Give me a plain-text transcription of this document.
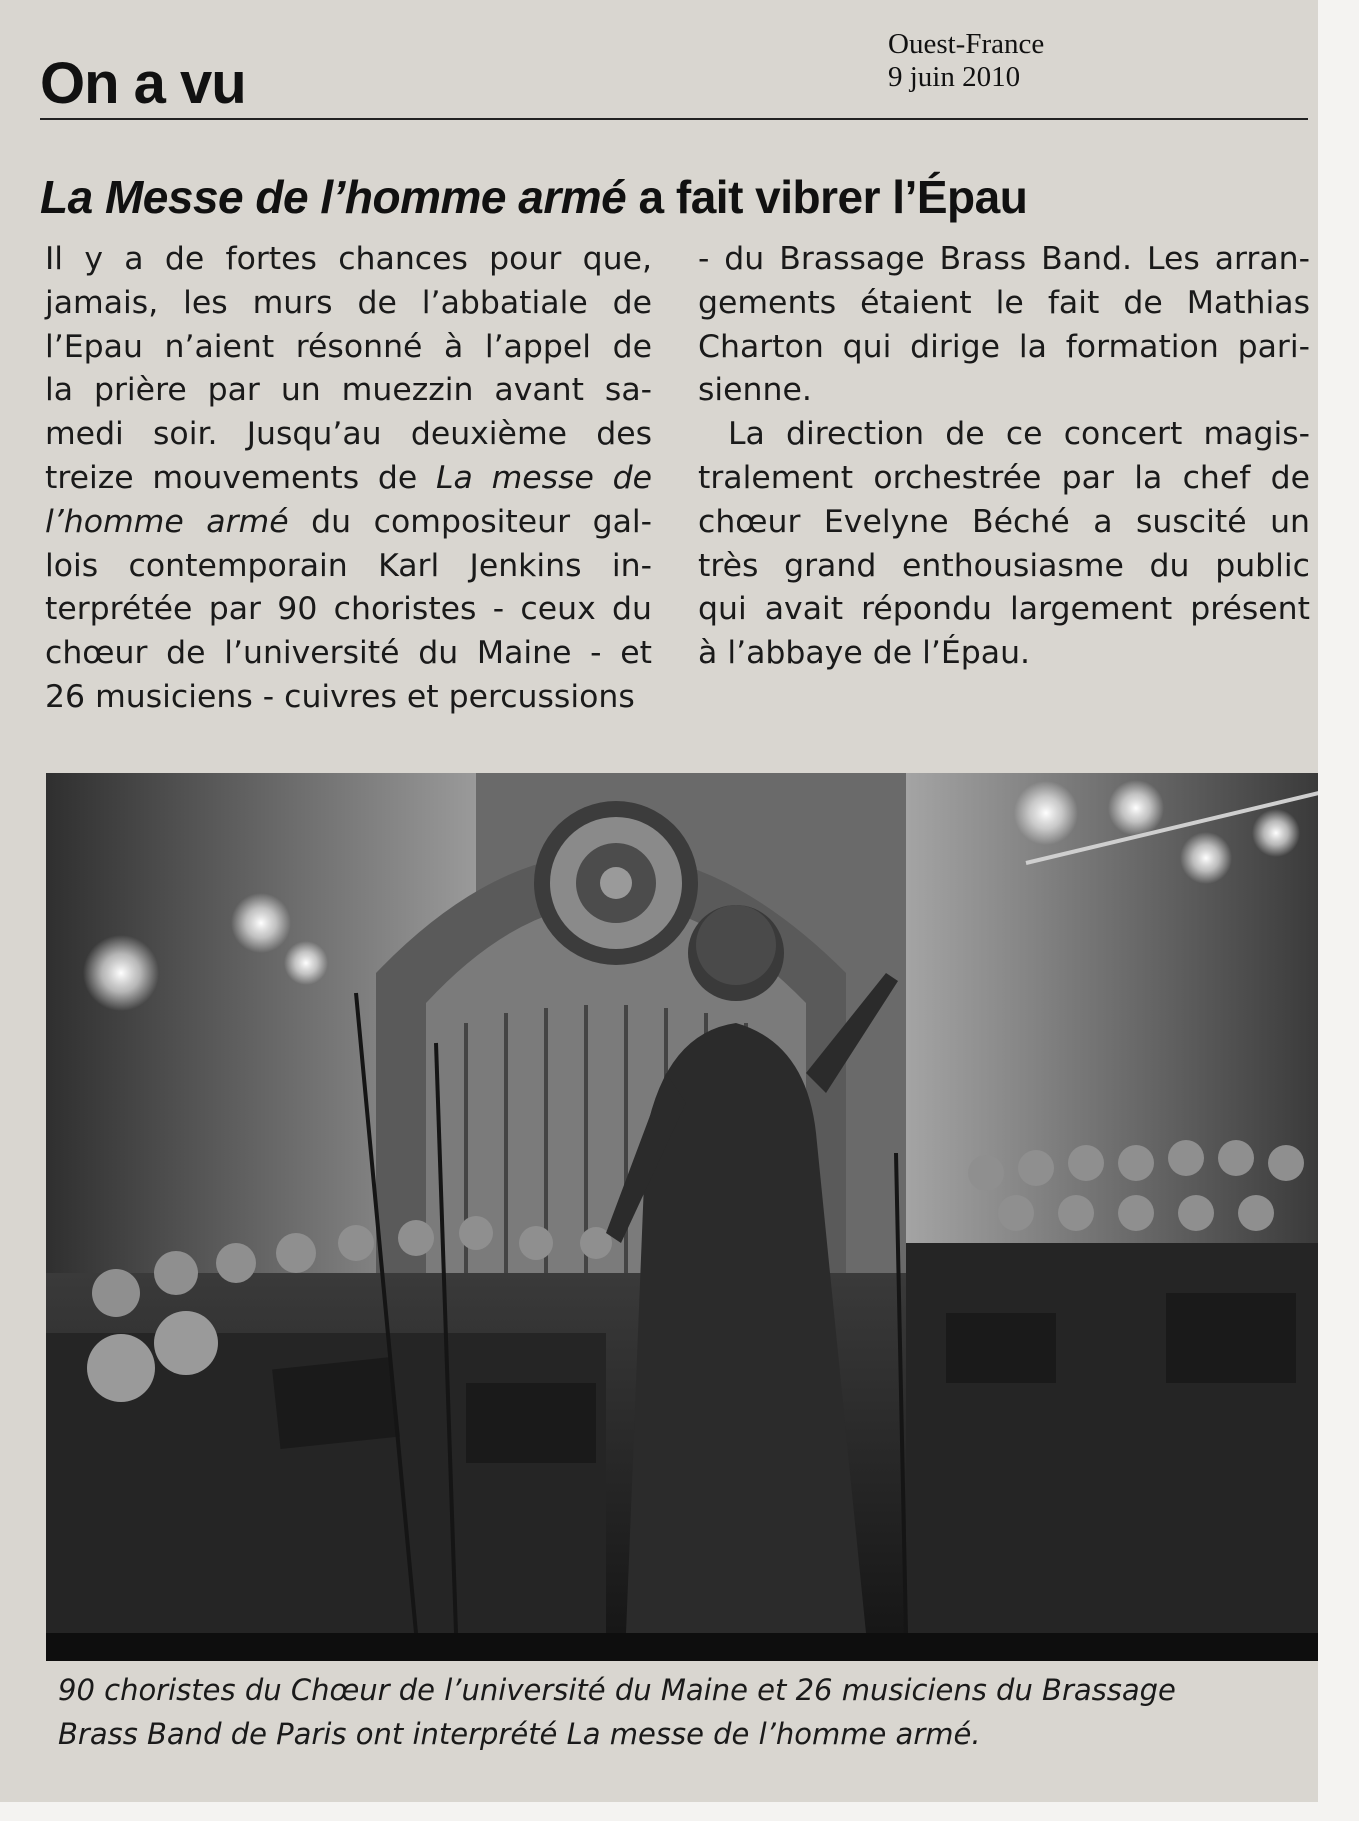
On a vu
Ouest-France
9 juin 2010
La Messe de l’homme armé a fait vibrer l’Épau
Il y a de fortes chances pour que,
jamais, les murs de l’abbatiale de
l’Epau n’aient résonné à l’appel de
la prière par un muezzin avant sa-
medi soir. Jusqu’au deuxième des
treize mouvements de La messe de
l’homme armé du compositeur gal-
lois contemporain Karl Jenkins in-
terprétée par 90 choristes - ceux du
chœur de l’université du Maine - et
26 musiciens - cuivres et percussions
- du Brassage Brass Band. Les arran-
gements étaient le fait de Mathias
Charton qui dirige la formation pari-
sienne.
La direction de ce concert magis-
tralement orchestrée par la chef de
chœur Evelyne Béché a suscité un
très grand enthousiasme du public
qui avait répondu largement présent
à l’abbaye de l’Épau.
90 choristes du Chœur de l’université du Maine et 26 musiciens du Brassage
Brass Band de Paris ont interprété La messe de l’homme armé.
